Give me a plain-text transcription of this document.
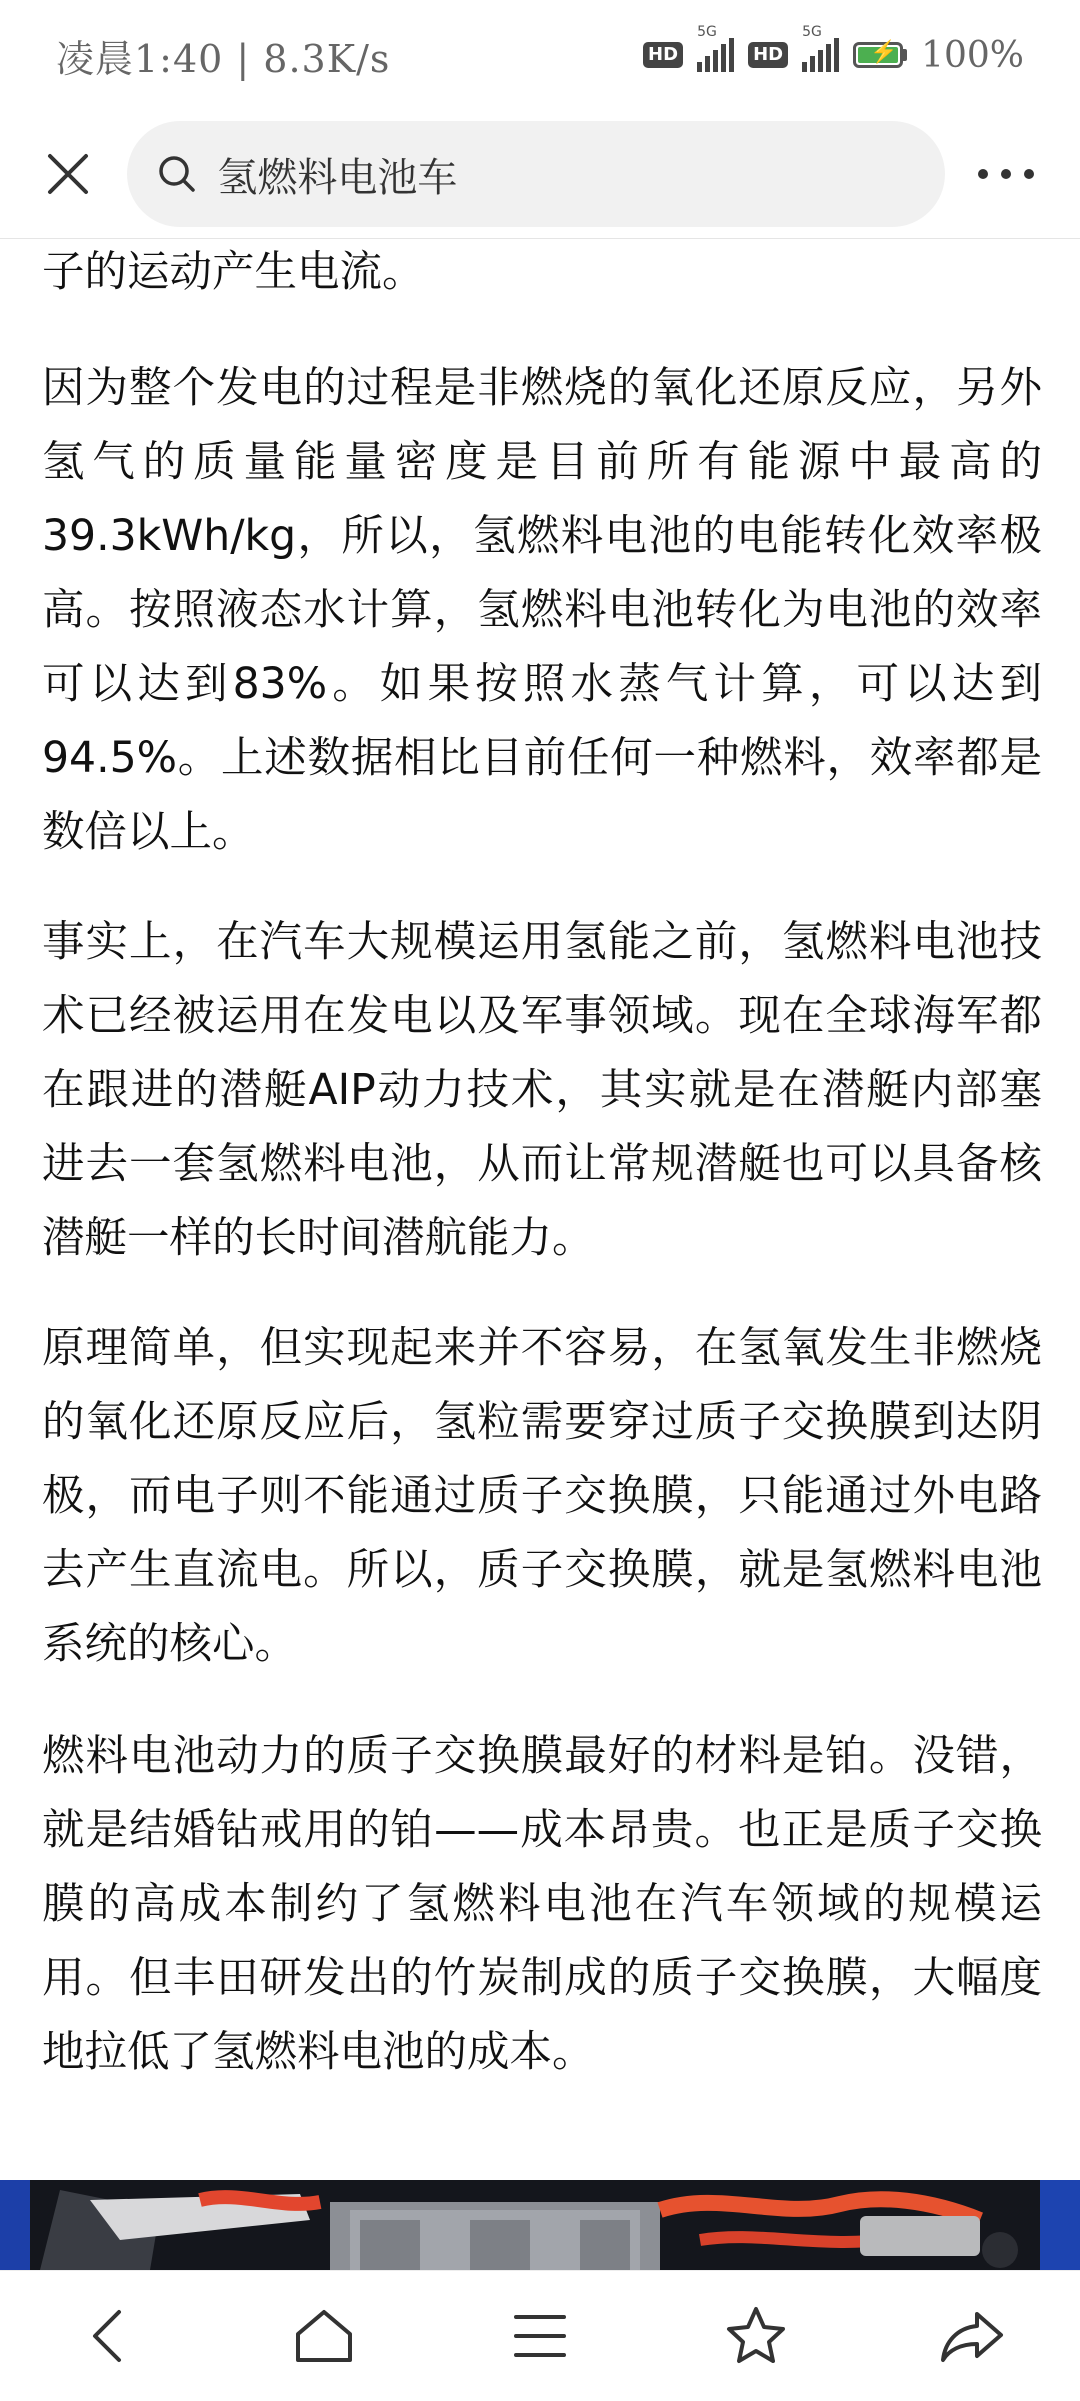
凌晨1:40 | 8.3K/s	HD
5G
HD
5G
⚡ 100%
氢燃料电池车

子的运动产生电流。

因为整个发电的过程是非燃烧的氧化还原反应，另外氢气的质量能量密度是目前所有能源中最高的39.3kWh/kg，所以，氢燃料电池的电能转化效率极高。按照液态水计算，氢燃料电池转化为电池的效率可以达到83%。如果按照水蒸气计算，可以达到94.5%。上述数据相比目前任何一种燃料，效率都是数倍以上。

事实上，在汽车大规模运用氢能之前，氢燃料电池技术已经被运用在发电以及军事领域。现在全球海军都在跟进的潜艇AIP动力技术，其实就是在潜艇内部塞进去一套氢燃料电池，从而让常规潜艇也可以具备核潜艇一样的长时间潜航能力。

原理简单，但实现起来并不容易，在氢氧发生非燃烧的氧化还原反应后，氢粒需要穿过质子交换膜到达阴极，而电子则不能通过质子交换膜，只能通过外电路去产生直流电。所以，质子交换膜，就是氢燃料电池系统的核心。

燃料电池动力的质子交换膜最好的材料是铂。没错，就是结婚钻戒用的铂——成本昂贵。也正是质子交换膜的高成本制约了氢燃料电池在汽车领域的规模运用。但丰田研发出的竹炭制成的质子交换膜，大幅度地拉低了氢燃料电池的成本。
